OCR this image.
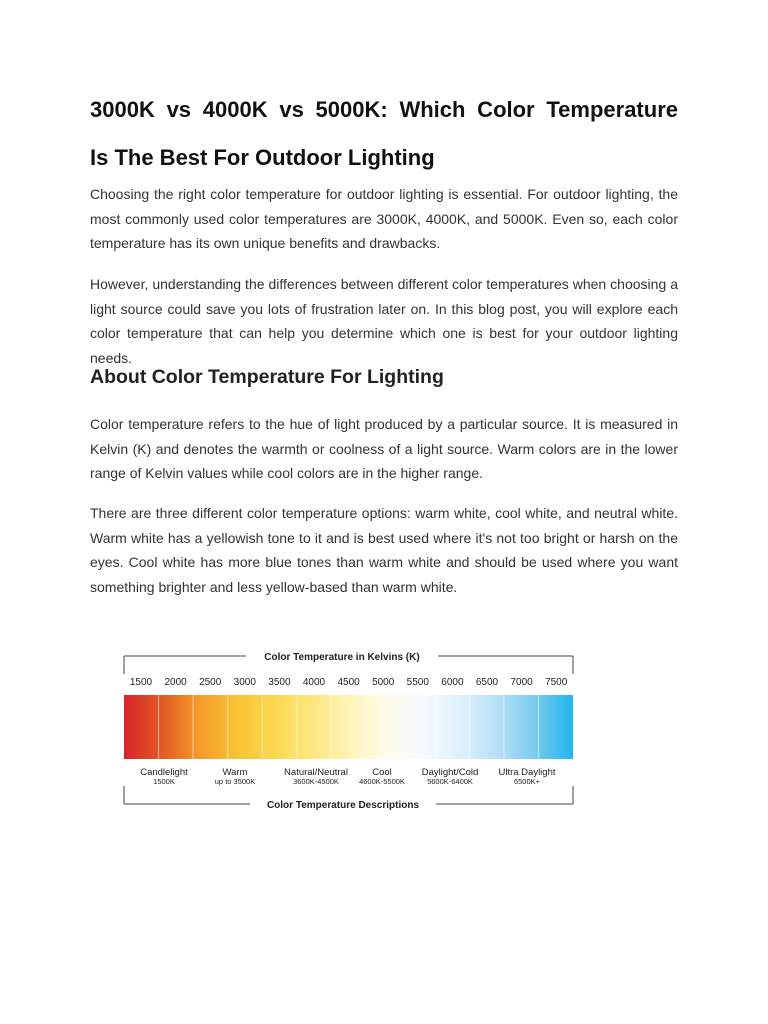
3000K vs 4000K vs 5000K: Which Color Temperature
Is The Best For Outdoor Lighting

Choosing the right color temperature for outdoor lighting is essential. For outdoor lighting, the most commonly used color temperatures are 3000K, 4000K, and 5000K. Even so, each color temperature has its own unique benefits and drawbacks.

However, understanding the differences between different color temperatures when choosing a light source could save you lots of frustration later on. In this blog post, you will explore each color temperature that can help you determine which one is best for your outdoor lighting needs.

About Color Temperature For Lighting

Color temperature refers to the hue of light produced by a particular source. It is measured in Kelvin (K) and denotes the warmth or coolness of a light source. Warm colors are in the lower range of Kelvin values while cool colors are in the higher range.

There are three different color temperature options: warm white, cool white, and neutral white. Warm white has a yellowish tone to it and is best used where it's not too bright or harsh on the eyes. Cool white has more blue tones than warm white and should be used where you want something brighter and less yellow-based than warm white.

Color Temperature in Kelvins (K)
1500 2000 2500 3000 3500 4000 4500 5000 5500 6000 6500 7000 7500
Candlelight
1500K
Warm
up to 3500K
Natural/Neutral
3600K-4500K
Cool
4600K-5500K
Daylight/Cold
5600K-6400K
Ultra Daylight
6500K+
Color Temperature Descriptions
